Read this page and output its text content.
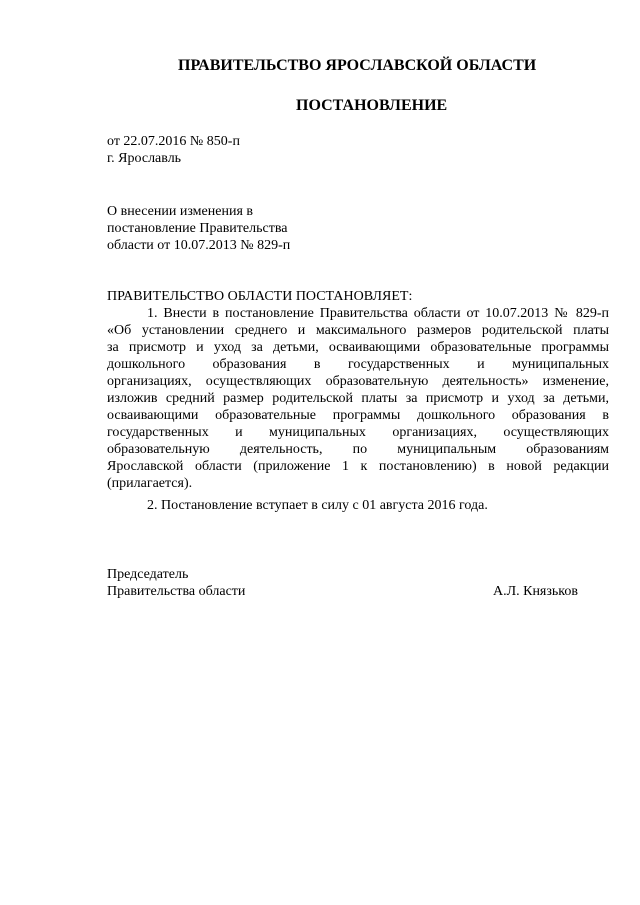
ПРАВИТЕЛЬСТВО ЯРОСЛАВСКОЙ ОБЛАСТИ
ПОСТАНОВЛЕНИЕ
от 22.07.2016 № 850-п
г. Ярославль
О внесении изменения в
постановление Правительства
области от 10.07.2013 № 829-п
ПРАВИТЕЛЬСТВО ОБЛАСТИ ПОСТАНОВЛЯЕТ:
1. Внести в постановление Правительства области от 10.07.2013 № 829-п
«Об установлении среднего и максимального размеров родительской платы
за присмотр и уход за детьми, осваивающими образовательные программы
дошкольного образования в государственных и муниципальных
организациях, осуществляющих образовательную деятельность» изменение,
изложив средний размер родительской платы за присмотр и уход за детьми,
осваивающими образовательные программы дошкольного образования в
государственных и муниципальных организациях, осуществляющих
образовательную деятельность, по муниципальным образованиям
Ярославской области (приложение 1 к постановлению) в новой редакции
(прилагается).
2. Постановление вступает в силу с 01 августа 2016 года.
Председатель
Правительства области	А.Л. Князьков
